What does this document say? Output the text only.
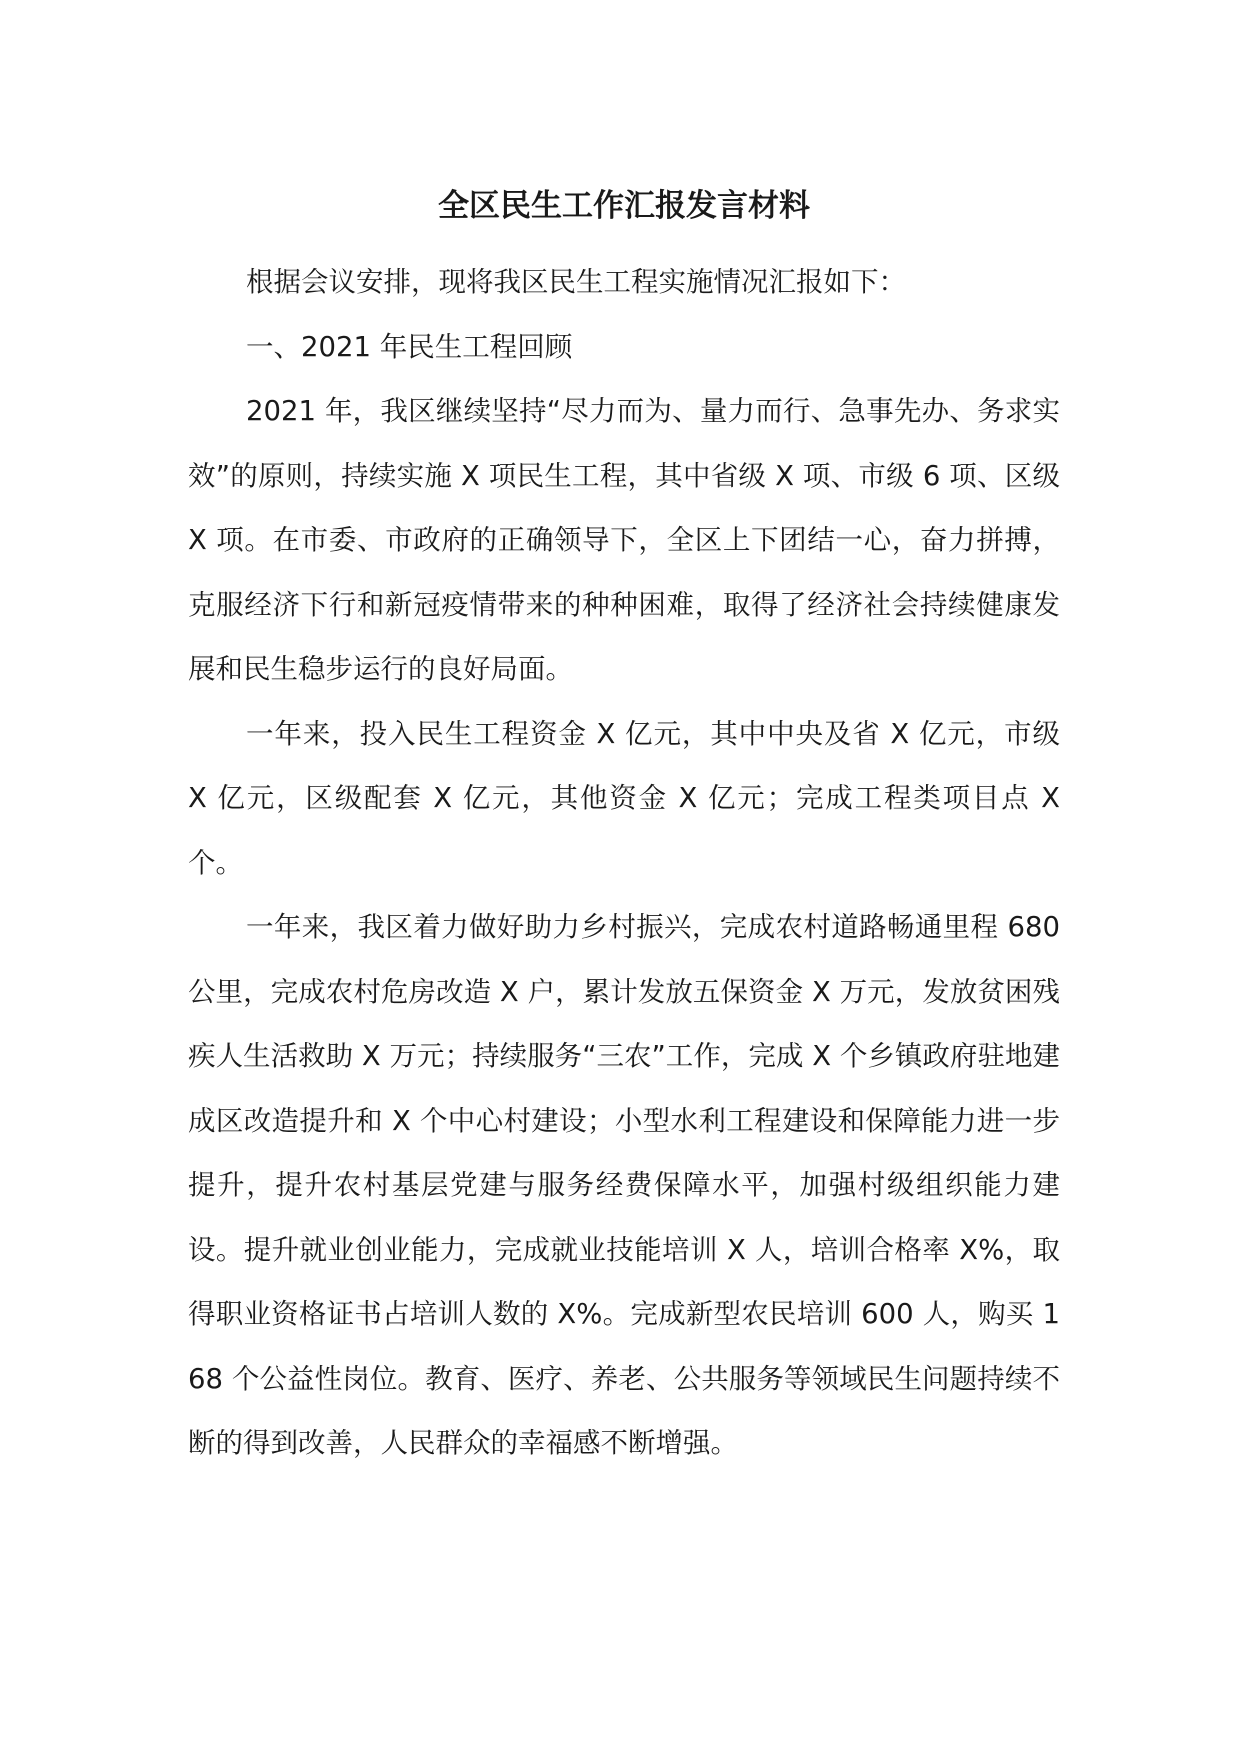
全区民生工作汇报发言材料

根据会议安排，现将我区民生工程实施情况汇报如下：

一、2021 年民生工程回顾

2021 年，我区继续坚持“尽力而为、量力而行、急事先办、务求实效”的原则，持续实施 X 项民生工程，其中省级 X 项、市级 6 项、区级 X 项。在市委、市政府的正确领导下，全区上下团结一心，奋力拼搏，克服经济下行和新冠疫情带来的种种困难，取得了经济社会持续健康发展和民生稳步运行的良好局面。

一年来，投入民生工程资金 X 亿元，其中中央及省 X 亿元，市级 X 亿元，区级配套 X 亿元，其他资金 X 亿元；完成工程类项目点 X 个。

一年来，我区着力做好助力乡村振兴，完成农村道路畅通里程 680 公里，完成农村危房改造 X 户，累计发放五保资金 X 万元，发放贫困残疾人生活救助 X 万元；持续服务“三农”工作，完成 X 个乡镇政府驻地建成区改造提升和 X 个中心村建设；小型水利工程建设和保障能力进一步提升，提升农村基层党建与服务经费保障水平，加强村级组织能力建设。提升就业创业能力，完成就业技能培训 X 人，培训合格率 X%，取得职业资格证书占培训人数的 X%。完成新型农民培训 600 人，购买 168 个公益性岗位。教育、医疗、养老、公共服务等领域民生问题持续不断的得到改善，人民群众的幸福感不断增强。
